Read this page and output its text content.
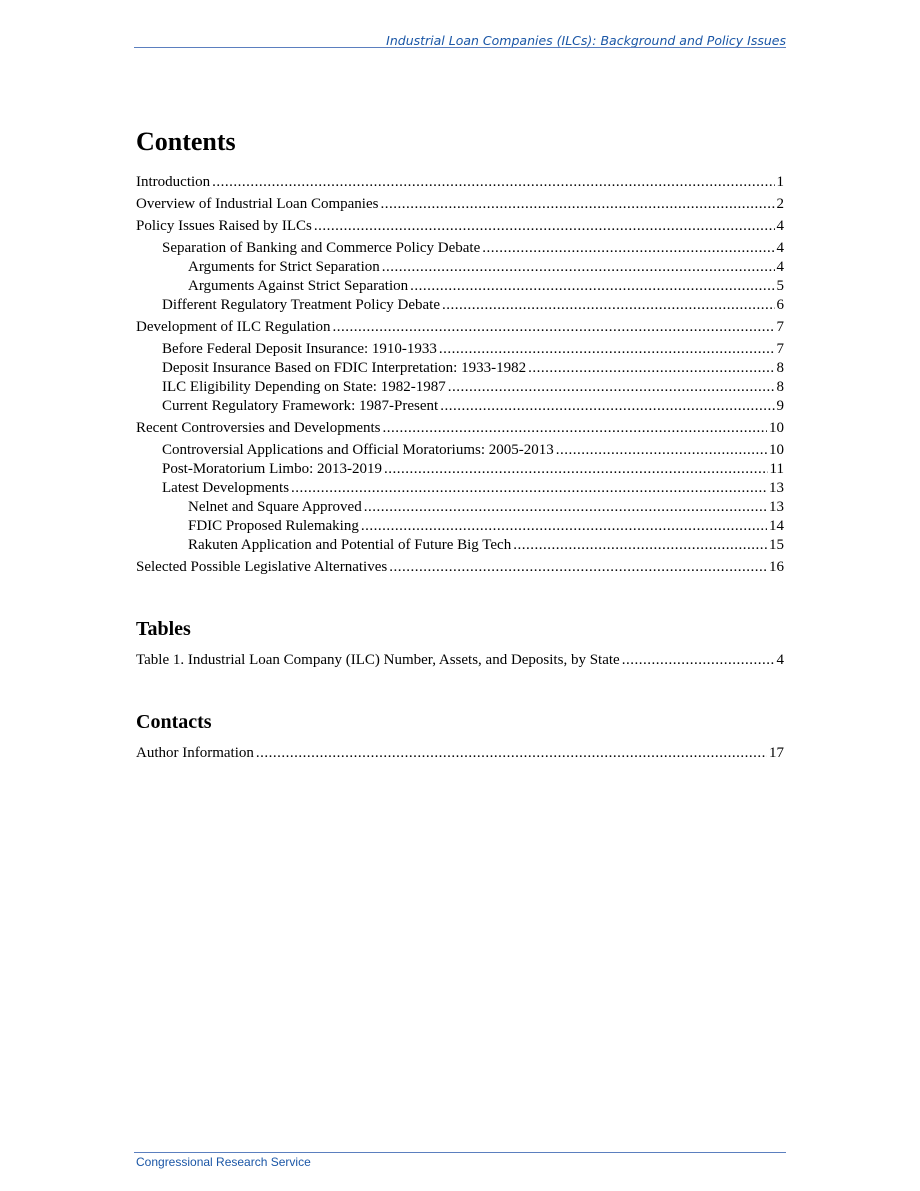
Industrial Loan Companies (ILCs): Background and Policy Issues
Contents
Introduction .....	1
Overview of Industrial Loan Companies .....	2
Policy Issues Raised by ILCs .....	4
Separation of Banking and Commerce Policy Debate .....	4
Arguments for Strict Separation .....	4
Arguments Against Strict Separation .....	5
Different Regulatory Treatment Policy Debate .....	6
Development of ILC Regulation .....	7
Before Federal Deposit Insurance: 1910-1933 .....	7
Deposit Insurance Based on FDIC Interpretation: 1933-1982 .....	8
ILC Eligibility Depending on State: 1982-1987 .....	8
Current Regulatory Framework: 1987-Present .....	9
Recent Controversies and Developments .....	10
Controversial Applications and Official Moratoriums: 2005-2013 .....	10
Post-Moratorium Limbo: 2013-2019 .....	11
Latest Developments .....	13
Nelnet and Square Approved .....	13
FDIC Proposed Rulemaking .....	14
Rakuten Application and Potential of Future Big Tech .....	15
Selected Possible Legislative Alternatives .....	16
Tables
Table 1. Industrial Loan Company (ILC) Number, Assets, and Deposits, by State .....	4
Contacts
Author Information .....	17
Congressional Research Service
